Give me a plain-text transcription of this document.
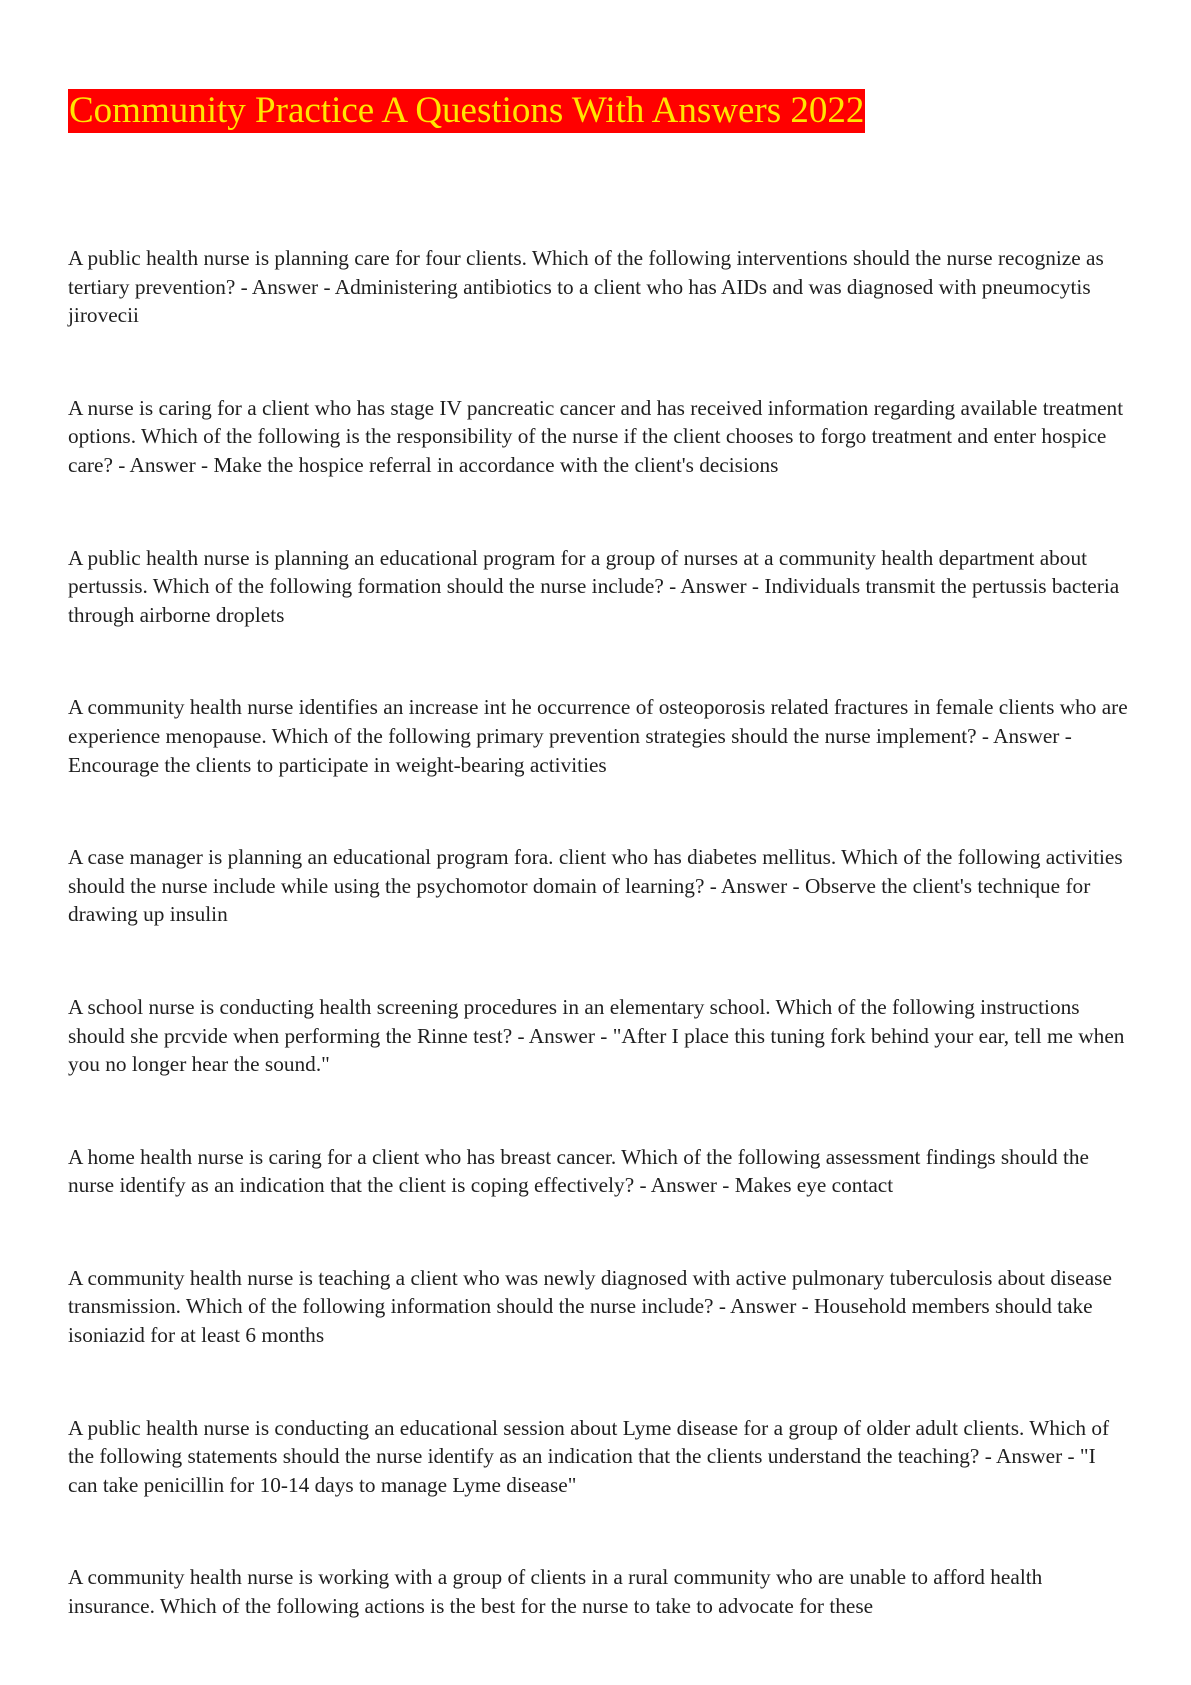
Community Practice A Questions With Answers 2022

A public health nurse is planning care for four clients. Which of the following interventions should the nurse recognize as tertiary prevention? - Answer - Administering antibiotics to a client who has AIDs and was diagnosed with pneumocytis jirovecii

A nurse is caring for a client who has stage IV pancreatic cancer and has received information regarding available treatment options. Which of the following is the responsibility of the nurse if the client chooses to forgo treatment and enter hospice care? - Answer - Make the hospice referral in accordance with the client's decisions

A public health nurse is planning an educational program for a group of nurses at a community health department about pertussis. Which of the following formation should the nurse include? - Answer - Individuals transmit the pertussis bacteria through airborne droplets

A community health nurse identifies an increase int he occurrence of osteoporosis related fractures in female clients who are experience menopause. Which of the following primary prevention strategies should the nurse implement? - Answer - Encourage the clients to participate in weight-bearing activities

A case manager is planning an educational program fora. client who has diabetes mellitus. Which of the following activities should the nurse include while using the psychomotor domain of learning? - Answer - Observe the client's technique for drawing up insulin

A school nurse is conducting health screening procedures in an elementary school. Which of the following instructions should she prcvide when performing the Rinne test? - Answer - "After I place this tuning fork behind your ear, tell me when you no longer hear the sound."

A home health nurse is caring for a client who has breast cancer. Which of the following assessment findings should the nurse identify as an indication that the client is coping effectively? - Answer - Makes eye contact

A community health nurse is teaching a client who was newly diagnosed with active pulmonary tuberculosis about disease transmission. Which of the following information should the nurse include? - Answer - Household members should take isoniazid for at least 6 months

A public health nurse is conducting an educational session about Lyme disease for a group of older adult clients. Which of the following statements should the nurse identify as an indication that the clients understand the teaching? - Answer - "I can take penicillin for 10-14 days to manage Lyme disease"

A community health nurse is working with a group of clients in a rural community who are unable to afford health insurance. Which of the following actions is the best for the nurse to take to advocate for these
